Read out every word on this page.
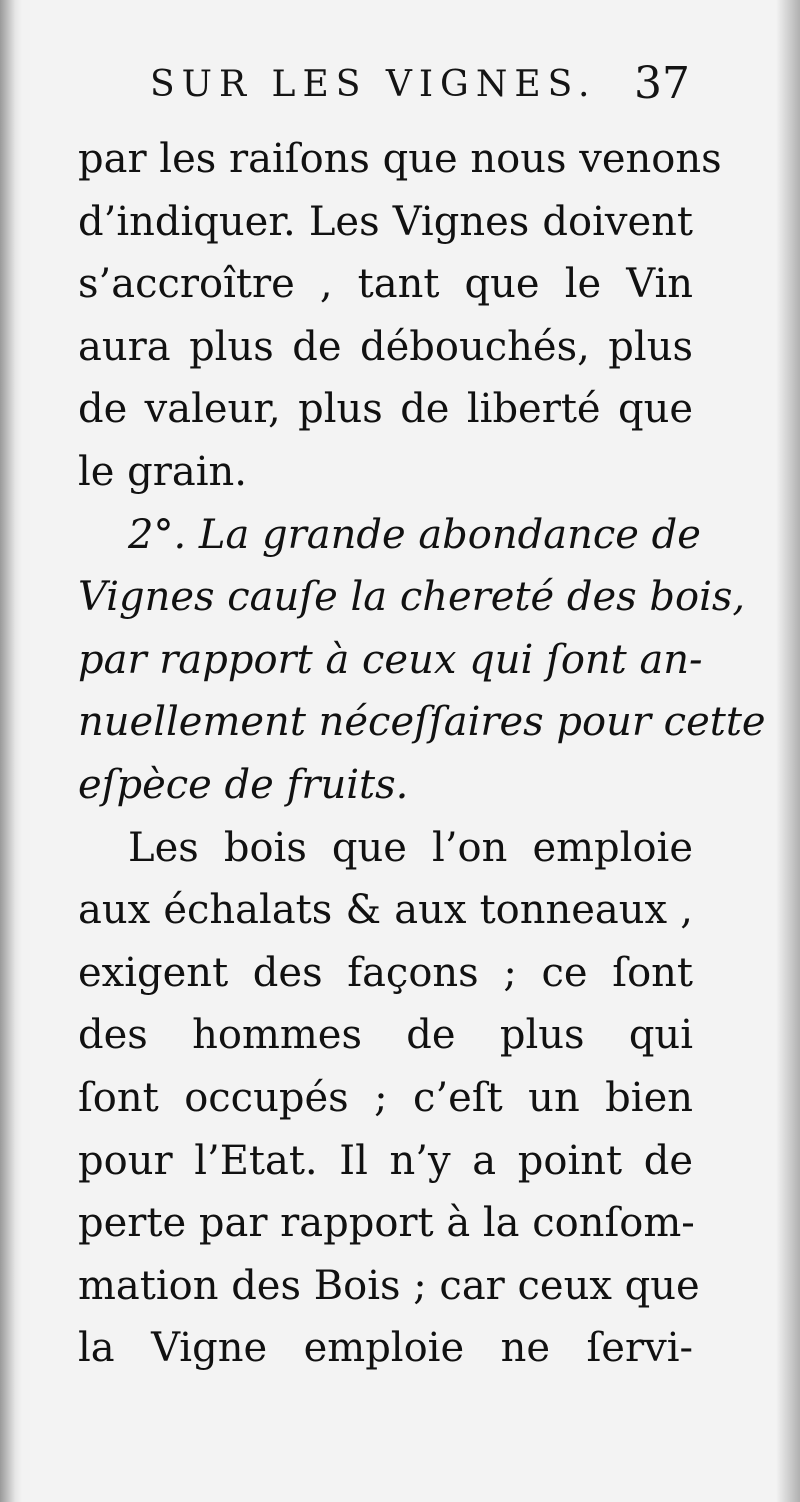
SUR LES VIGNES. 37
par les raiſons que nous venons
d’indiquer. Les Vignes doivent
s’accroître , tant que le Vin
aura plus de débouchés, plus
de valeur, plus de liberté que
le grain.
2°. La grande abondance de
Vignes cauſe la chereté des bois,
par rapport à ceux qui ſont an-
nuellement néceſſaires pour cette
eſpèce de fruits.
Les bois que l’on emploie
aux échalats & aux tonneaux ,
exigent des façons ; ce ſont
des hommes de plus qui
ſont occupés ; c’eſt un bien
pour l’Etat. Il n’y a point de
perte par rapport à la conſom-
mation des Bois ; car ceux que
la Vigne emploie ne ſervi-
